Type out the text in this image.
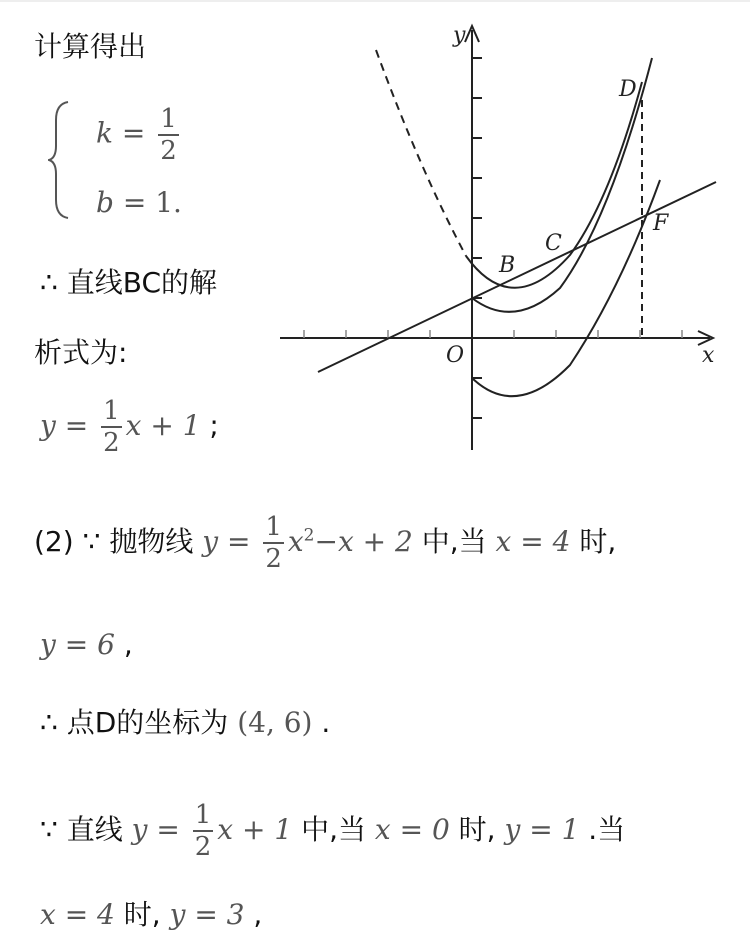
计算得出
$k = \frac{1}{2}$
b = 1.
∴ 直线BC的解
析式为:
$y = \frac{1}{2}$ x + 1 ;
(2) ∵ 抛物线 $y = \frac{1}{2} x^2-x + 2$ 中,当 x = 4 时,
y = 6 ,
∴ 点D的坐标为 (4, 6) .
∵ 直线 $y = \frac{1}{2}$ x + 1 中,当 x = 0 时, y = 1 .当
x = 4 时, y = 3 ,
y
x
O
B
C
D
F
